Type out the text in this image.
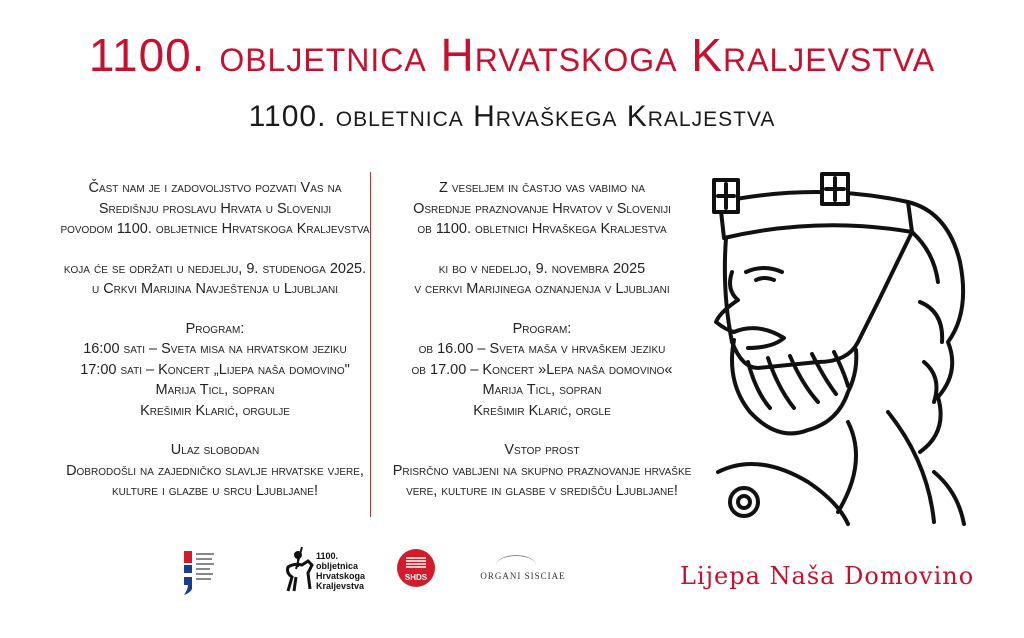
1100. obljetnica Hrvatskoga Kraljevstva
1100. obletnica Hrvaškega Kraljestva

Čast nam je i zadovoljstvo pozvati Vas na

Središnju proslavu Hrvata u Sloveniji

povodom 1100. obljetnice Hrvatskoga Kraljevstva

koja će se održati u nedjelju, 9. studenoga 2025.

u Crkvi Marijina Navještenja u Ljubljani

Program:

16:00 sati – Sveta misa na hrvatskom jeziku

17:00 sati – Koncert „Lijepa naša domovino"

Marija Ticl, sopran

Krešimir Klarić, orgulje

Ulaz slobodan

Dobrodošli na zajedničko slavlje hrvatske vjere,

kulture i glazbe u srcu Ljubljane!

Z veseljem in častjo vas vabimo na

Osrednje praznovanje Hrvatov v Sloveniji

ob 1100. obletnici Hrvaškega Kraljestva

ki bo v nedeljo, 9. novembra 2025

v cerkvi Marijinega oznanjenja v Ljubljani

Program:

ob 16.00 – Sveta maša v hrvaškem jeziku

ob 17.00 – Koncert »Lepa naša domovino«

Marija Ticl, sopran

Krešimir Klarić, orgle

Vstop prost

Prisrčno vabljeni na skupno praznovanje hrvaške

vere, kulture in glasbe v središču Ljubljane!

1100.
obljetnica
Hrvatskoga
Kraljevstva
SHDS	ORGANI SISCIAE	Lijepa Naša Domovino
